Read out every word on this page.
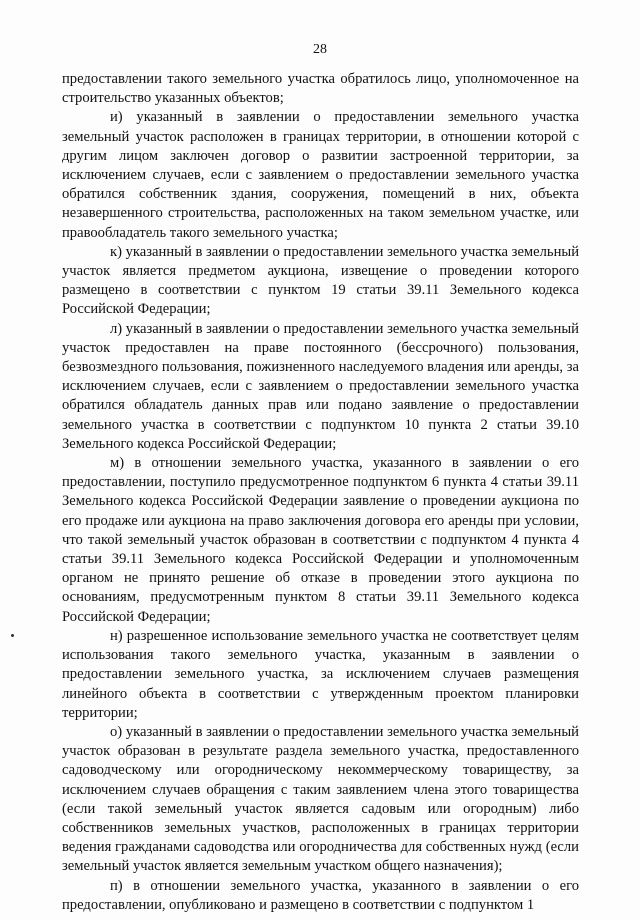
28

предоставлении такого земельного участка обратилось лицо, уполномоченное на строительство указанных объектов;

и) указанный в заявлении о предоставлении земельного участка земельный участок расположен в границах территории, в отношении которой с другим лицом заключен договор о развитии застроенной территории, за исключением случаев, если с заявлением о предоставлении земельного участка обратился собственник здания, сооружения, помещений в них, объекта незавершенного строительства, расположенных на таком земельном участке, или правообладатель такого земельного участка;

к) указанный в заявлении о предоставлении земельного участка земельный участок является предметом аукциона, извещение о проведении которого размещено в соответствии с пунктом 19 статьи 39.11 Земельного кодекса Российской Федерации;

л) указанный в заявлении о предоставлении земельного участка земельный участок предоставлен на праве постоянного (бессрочного) пользования, безвозмездного пользования, пожизненного наследуемого владения или аренды, за исключением случаев, если с заявлением о предоставлении земельного участка обратился обладатель данных прав или подано заявление о предоставлении земельного участка в соответствии с подпунктом 10 пункта 2 статьи 39.10 Земельного кодекса Российской Федерации;

м) в отношении земельного участка, указанного в заявлении о его предоставлении, поступило предусмотренное подпунктом 6 пункта 4 статьи 39.11 Земельного кодекса Российской Федерации заявление о проведении аукциона по его продаже или аукциона на право заключения договора его аренды при условии, что такой земельный участок образован в соответствии с подпунктом 4 пункта 4 статьи 39.11 Земельного кодекса Российской Федерации и уполномоченным органом не принято решение об отказе в проведении этого аукциона по основаниям, предусмотренным пунктом 8 статьи 39.11 Земельного кодекса Российской Федерации;

н) разрешенное использование земельного участка не соответствует целям использования такого земельного участка, указанным в заявлении о предоставлении земельного участка, за исключением случаев размещения линейного объекта в соответствии с утвержденным проектом планировки территории;

о) указанный в заявлении о предоставлении земельного участка земельный участок образован в результате раздела земельного участка, предоставленного садоводческому или огородническому некоммерческому товариществу, за исключением случаев обращения с таким заявлением члена этого товарищества (если такой земельный участок является садовым или огородным) либо собственников земельных участков, расположенных в границах территории ведения гражданами садоводства или огородничества для собственных нужд (если земельный участок является земельным участком общего назначения);

п) в отношении земельного участка, указанного в заявлении о его предоставлении, опубликовано и размещено в соответствии с подпунктом 1
